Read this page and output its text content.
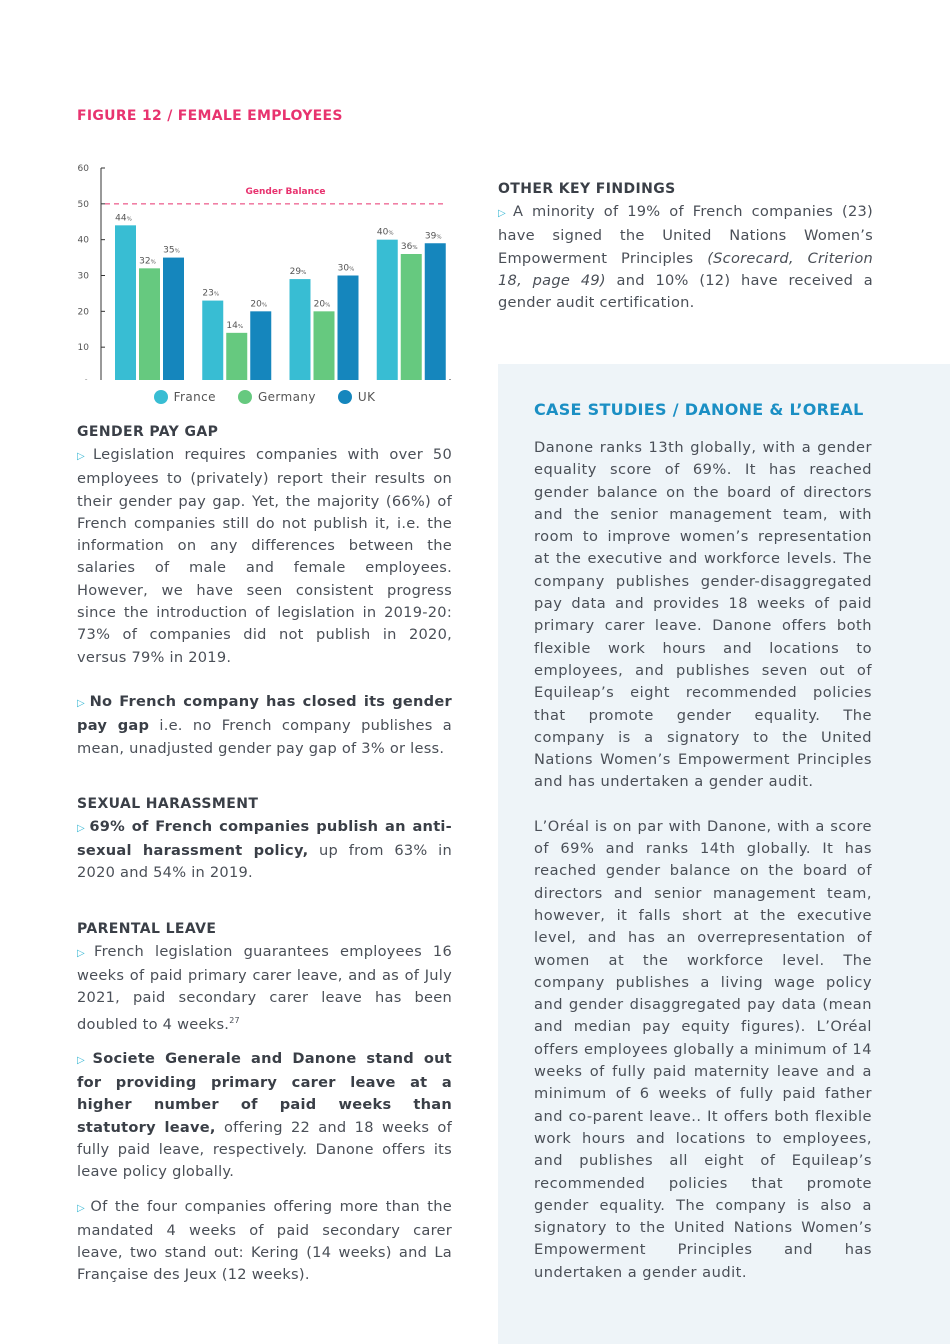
FIGURE 12 / FEMALE EMPLOYEES
10
20
30
40
50
60
Gender Balance
44%
32%
35%
23%
14%
20%
29%
20%
30%
40%
36%
39%
France	Germany	UK
GENDER PAY GAP

▷ Legislation requires companies with over 50 employees to (privately) report their results on their gender pay gap. Yet, the majority (66%) of French companies still do not publish it, i.e. the information on any differences between the salaries of male and female employees. However, we have seen consistent progress since the introduction of legislation in 2019-20: 73% of companies did not publish in 2020, versus 79% in 2019.

▷ No French company has closed its gender pay gap i.e. no French company publishes a mean, unadjusted gender pay gap of 3% or less.

SEXUAL HARASSMENT

▷ 69% of French companies publish an anti-sexual harassment policy, up from 63% in 2020 and 54% in 2019.

PARENTAL LEAVE

▷ French legislation guarantees employees 16 weeks of paid primary carer leave, and as of July 2021, paid secondary carer leave has been doubled to 4 weeks.$^{27}$

▷ Societe Generale and Danone stand out for providing primary carer leave at a higher number of paid weeks than statutory leave, offering 22 and 18 weeks of fully paid leave, respectively. Danone offers its leave policy globally.

▷ Of the four companies offering more than the mandated 4 weeks of paid secondary carer leave, two stand out: Kering (14 weeks) and La Française des Jeux (12 weeks).

OTHER KEY FINDINGS

▷ A minority of 19% of French companies (23) have signed the United Nations Women’s Empowerment Principles (Scorecard, Criterion 18, page 49) and 10% (12) have received a gender audit certification.

CASE STUDIES / DANONE & L’OREAL

Danone ranks 13th globally, with a gender equality score of 69%. It has reached gender balance on the board of directors and the senior management team, with room to improve women’s representation at the executive and workforce levels. The company publishes gender-disaggregated pay data and provides 18 weeks of paid primary carer leave. Danone offers both flexible work hours and locations to employees, and publishes seven out of Equileap’s eight recommended policies that promote gender equality. The company is a signatory to the United Nations Women’s Empowerment Principles and has undertaken a gender audit.

L’Oréal is on par with Danone, with a score of 69% and ranks 14th globally. It has reached gender balance on the board of directors and senior management team, however, it falls short at the executive level, and has an overrepresentation of women at the workforce level. The company publishes a living wage policy and gender disaggregated pay data (mean and median pay equity figures). L’Oréal offers employees globally a minimum of 14 weeks of fully paid maternity leave and a minimum of 6 weeks of fully paid father and co-parent leave.. It offers both flexible work hours and locations to employees, and publishes all eight of Equileap’s recommended policies that promote gender equality. The company is also a signatory to the United Nations Women’s Empowerment Principles and has undertaken a gender audit.
